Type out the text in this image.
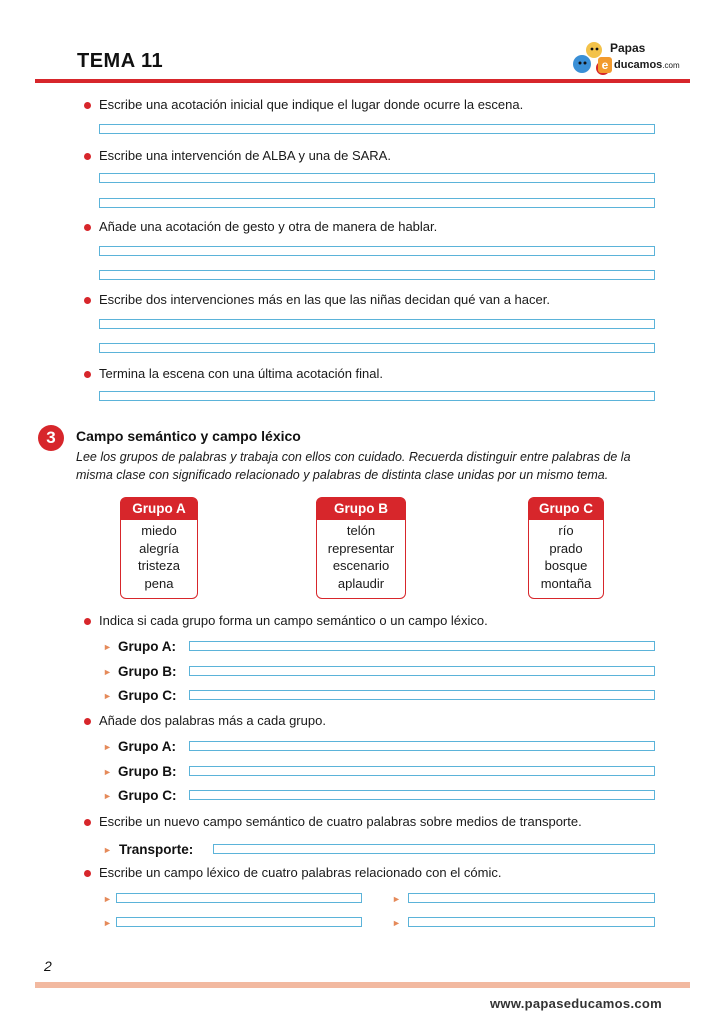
TEMA 11
Papas
e ducamos.com
Escribe una acotación inicial que indique el lugar donde ocurre la escena.
Escribe una intervención de ALBA y una de SARA.
Añade una acotación de gesto y otra de manera de hablar.
Escribe dos intervenciones más en las que las niñas decidan qué van a hacer.
Termina la escena con una última acotación final.
3	Campo semántico y campo léxico
Lee los grupos de palabras y trabaja con ellos con cuidado. Recuerda distinguir entre palabras de la misma clase con significado relacionado y palabras de distinta clase unidas por un mismo tema.
Grupo A
miedo
alegría
tristeza
pena
Grupo B
telón
representar
escenario
aplaudir
Grupo C
río
prado
bosque
montaña
Indica si cada grupo forma un campo semántico o un campo léxico.
► Grupo A:
► Grupo B:
► Grupo C:
Añade dos palabras más a cada grupo.
► Grupo A:
► Grupo B:
► Grupo C:
Escribe un nuevo campo semántico de cuatro palabras sobre medios de transporte.
► Transporte:
Escribe un campo léxico de cuatro palabras relacionado con el cómic.
►	►
►	►
2
www.papaseducamos.com
